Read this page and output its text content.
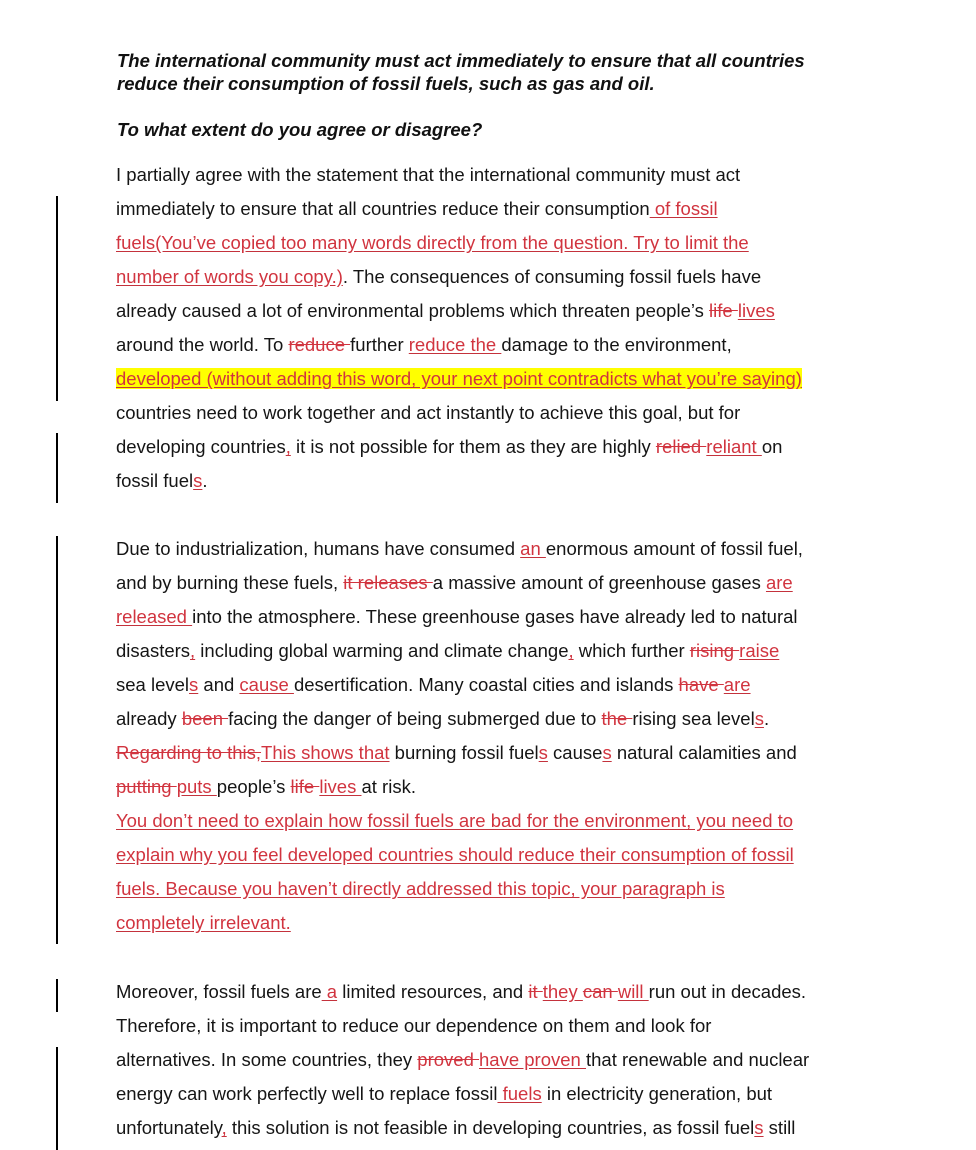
The international community must act immediately to ensure that all countries
reduce their consumption of fossil fuels, such as gas and oil.
To what extent do you agree or disagree?
I partially agree with the statement that the international community must act
immediately to ensure that all countries reduce their consumption of fossil
fuels(You’ve copied too many words directly from the question. Try to limit the
number of words you copy.). The consequences of consuming fossil fuels have
already caused a lot of environmental problems which threaten people’s life lives
around the world. To reduce further reduce the damage to the environment,
developed (without adding this word, your next point contradicts what you’re saying)
countries need to work together and act instantly to achieve this goal, but for
developing countries, it is not possible for them as they are highly relied reliant on
fossil fuels.
Due to industrialization, humans have consumed an enormous amount of fossil fuel,
and by burning these fuels, it releases a massive amount of greenhouse gases are
released into the atmosphere. These greenhouse gases have already led to natural
disasters, including global warming and climate change, which further rising raise
sea levels and cause desertification. Many coastal cities and islands have are
already been facing the danger of being submerged due to the rising sea levels.
Regarding to this,This shows that burning fossil fuels causes natural calamities and
putting puts people’s life lives at risk.
You don’t need to explain how fossil fuels are bad for the environment, you need to
explain why you feel developed countries should reduce their consumption of fossil
fuels. Because you haven’t directly addressed this topic, your paragraph is
completely irrelevant.
Moreover, fossil fuels are a limited resources, and it they can will run out in decades.
Therefore, it is important to reduce our dependence on them and look for
alternatives. In some countries, they proved have proven that renewable and nuclear
energy can work perfectly well to replace fossil fuels in electricity generation, but
unfortunately, this solution is not feasible in developing countries, as fossil fuels still
